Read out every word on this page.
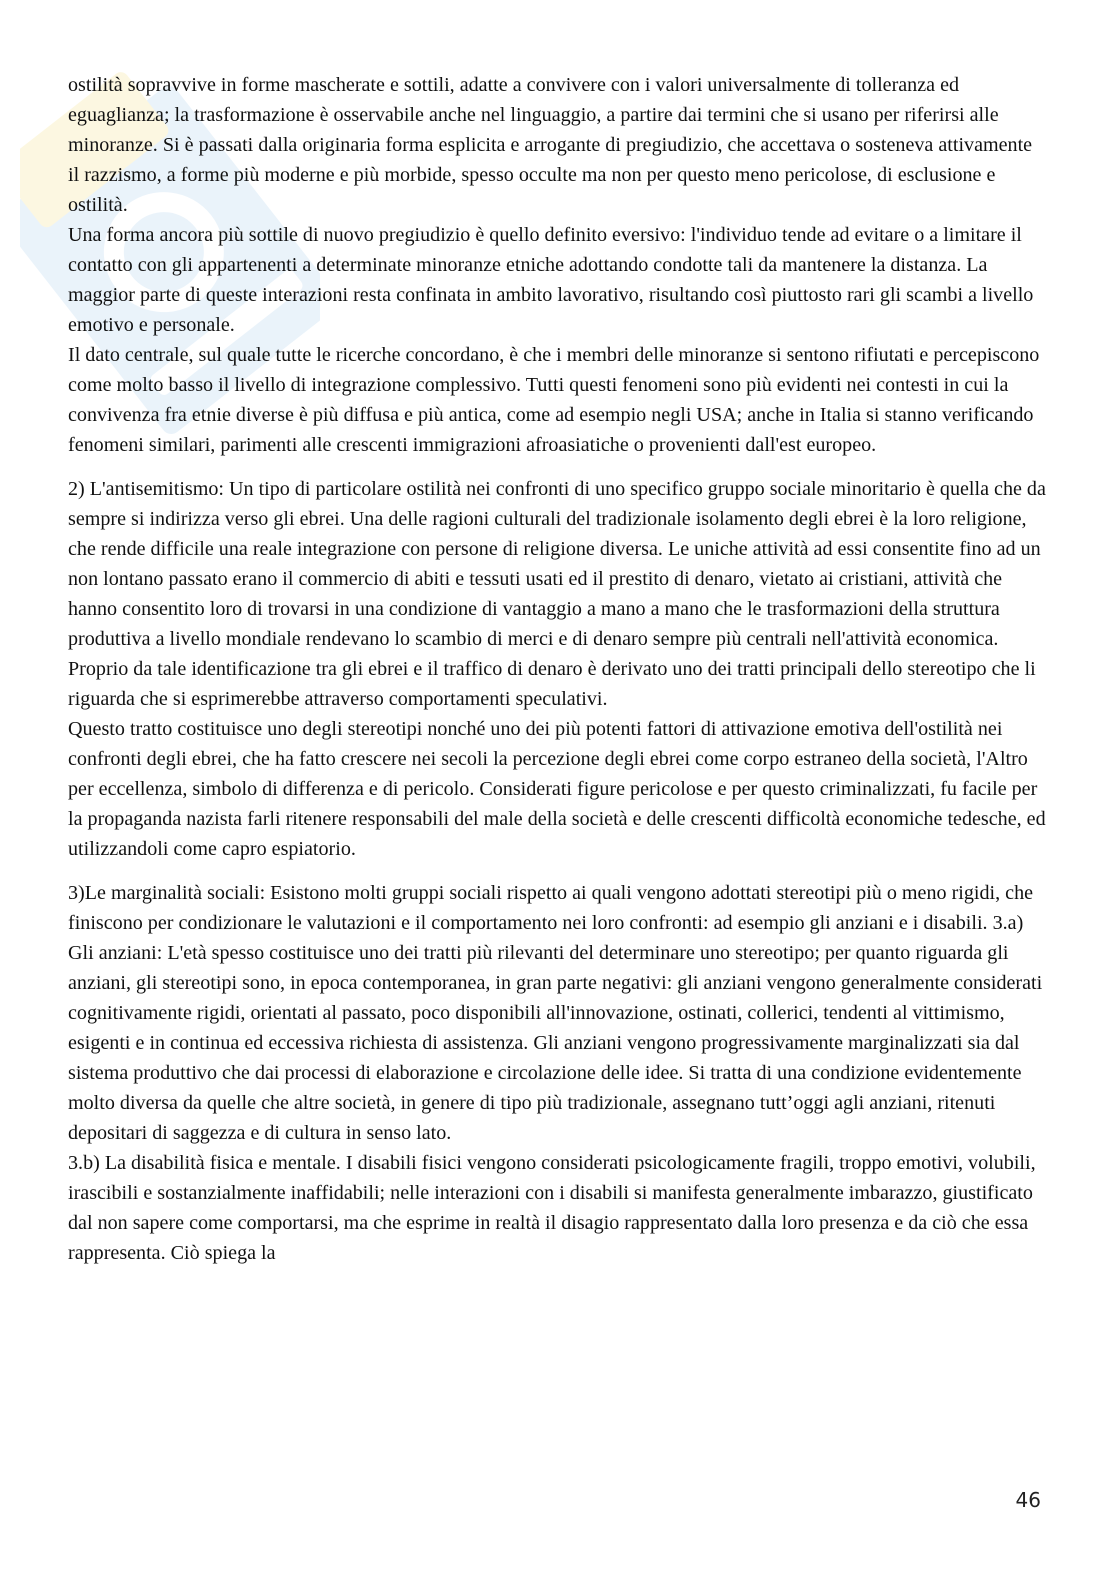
ostilità sopravvive in forme mascherate e sottili, adatte a convivere con i valori universalmente di tolleranza ed eguaglianza; la trasformazione è osservabile anche nel linguaggio, a partire dai termini che si usano per riferirsi alle minoranze. Si è passati dalla originaria forma esplicita e arrogante di pregiudizio, che accettava o sosteneva attivamente il razzismo, a forme più moderne e più morbide, spesso occulte ma non per questo meno pericolose, di esclusione e ostilità.

Una forma ancora più sottile di nuovo pregiudizio è quello definito eversivo: l'individuo tende ad evitare o a limitare il contatto con gli appartenenti a determinate minoranze etniche adottando condotte tali da mantenere la distanza. La maggior parte di queste interazioni resta confinata in ambito lavorativo, risultando così piuttosto rari gli scambi a livello emotivo e personale.

Il dato centrale, sul quale tutte le ricerche concordano, è che i membri delle minoranze si sentono rifiutati e percepiscono come molto basso il livello di integrazione complessivo. Tutti questi fenomeni sono più evidenti nei contesti in cui la convivenza fra etnie diverse è più diffusa e più antica, come ad esempio negli USA; anche in Italia si stanno verificando fenomeni similari, parimenti alle crescenti immigrazioni afroasiatiche o provenienti dall'est europeo.

2) L'antisemitismo: Un tipo di particolare ostilità nei confronti di uno specifico gruppo sociale minoritario è quella che da sempre si indirizza verso gli ebrei. Una delle ragioni culturali del tradizionale isolamento degli ebrei è la loro religione, che rende difficile una reale integrazione con persone di religione diversa. Le uniche attività ad essi consentite fino ad un non lontano passato erano il commercio di abiti e tessuti usati ed il prestito di denaro, vietato ai cristiani, attività che hanno consentito loro di trovarsi in una condizione di vantaggio a mano a mano che le trasformazioni della struttura produttiva a livello mondiale rendevano lo scambio di merci e di denaro sempre più centrali nell'attività economica. Proprio da tale identificazione tra gli ebrei e il traffico di denaro è derivato uno dei tratti principali dello stereotipo che li riguarda che si esprimerebbe attraverso comportamenti speculativi.

Questo tratto costituisce uno degli stereotipi nonché uno dei più potenti fattori di attivazione emotiva dell'ostilità nei confronti degli ebrei, che ha fatto crescere nei secoli la percezione degli ebrei come corpo estraneo della società, l'Altro per eccellenza, simbolo di differenza e di pericolo. Considerati figure pericolose e per questo criminalizzati, fu facile per la propaganda nazista farli ritenere responsabili del male della società e delle crescenti difficoltà economiche tedesche, ed utilizzandoli come capro espiatorio.

3)Le marginalità sociali: Esistono molti gruppi sociali rispetto ai quali vengono adottati stereotipi più o meno rigidi, che finiscono per condizionare le valutazioni e il comportamento nei loro confronti: ad esempio gli anziani e i disabili. 3.a) Gli anziani: L'età spesso costituisce uno dei tratti più rilevanti del determinare uno stereotipo; per quanto riguarda gli anziani, gli stereotipi sono, in epoca contemporanea, in gran parte negativi: gli anziani vengono generalmente considerati cognitivamente rigidi, orientati al passato, poco disponibili all'innovazione, ostinati, collerici, tendenti al vittimismo, esigenti e in continua ed eccessiva richiesta di assistenza. Gli anziani vengono progressivamente marginalizzati sia dal sistema produttivo che dai processi di elaborazione e circolazione delle idee. Si tratta di una condizione evidentemente molto diversa da quelle che altre società, in genere di tipo più tradizionale, assegnano tutt’oggi agli anziani, ritenuti depositari di saggezza e di cultura in senso lato.

3.b) La disabilità fisica e mentale. I disabili fisici vengono considerati psicologicamente fragili, troppo emotivi, volubili, irascibili e sostanzialmente inaffidabili; nelle interazioni con i disabili si manifesta generalmente imbarazzo, giustificato dal non sapere come comportarsi, ma che esprime in realtà il disagio rappresentato dalla loro presenza e da ciò che essa rappresenta. Ciò spiega la

46
